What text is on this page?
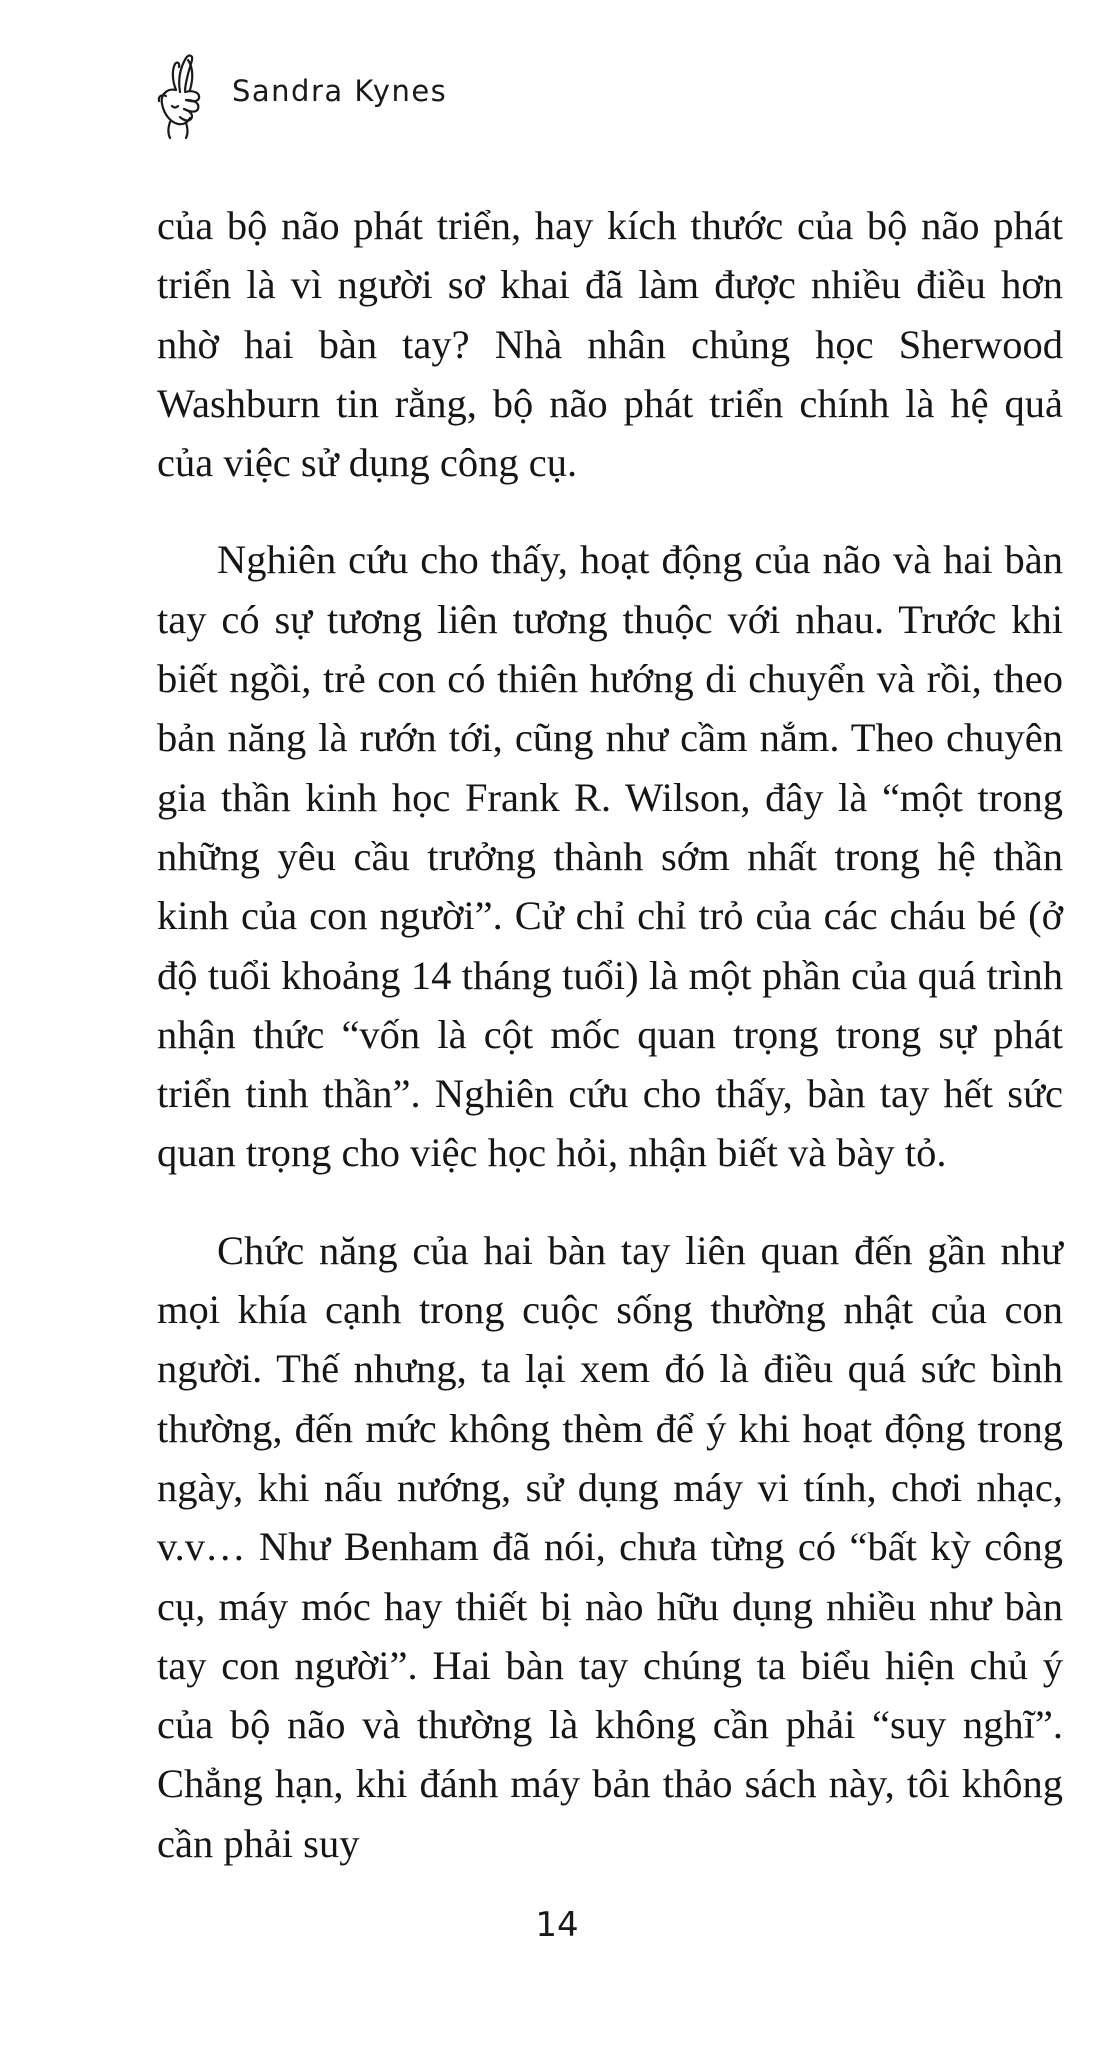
Sandra Kynes

của bộ não phát triển, hay kích thước của bộ não phát triển là vì người sơ khai đã làm được nhiều điều hơn nhờ hai bàn tay? Nhà nhân chủng học Sherwood Washburn tin rằng, bộ não phát triển chính là hệ quả của việc sử dụng công cụ.

Nghiên cứu cho thấy, hoạt động của não và hai bàn tay có sự tương liên tương thuộc với nhau. Trước khi biết ngồi, trẻ con có thiên hướng di chuyển và rồi, theo bản năng là rướn tới, cũng như cầm nắm. Theo chuyên gia thần kinh học Frank R. Wilson, đây là “một trong những yêu cầu trưởng thành sớm nhất trong hệ thần kinh của con người”. Cử chỉ chỉ trỏ của các cháu bé (ở độ tuổi khoảng 14 tháng tuổi) là một phần của quá trình nhận thức “vốn là cột mốc quan trọng trong sự phát triển tinh thần”. Nghiên cứu cho thấy, bàn tay hết sức quan trọng cho việc học hỏi, nhận biết và bày tỏ.

Chức năng của hai bàn tay liên quan đến gần như mọi khía cạnh trong cuộc sống thường nhật của con người. Thế nhưng, ta lại xem đó là điều quá sức bình thường, đến mức không thèm để ý khi hoạt động trong ngày, khi nấu nướng, sử dụng máy vi tính, chơi nhạc, v.v… Như Benham đã nói, chưa từng có “bất kỳ công cụ, máy móc hay thiết bị nào hữu dụng nhiều như bàn tay con người”. Hai bàn tay chúng ta biểu hiện chủ ý của bộ não và thường là không cần phải “suy nghĩ”. Chẳng hạn, khi đánh máy bản thảo sách này, tôi không cần phải suy

14
